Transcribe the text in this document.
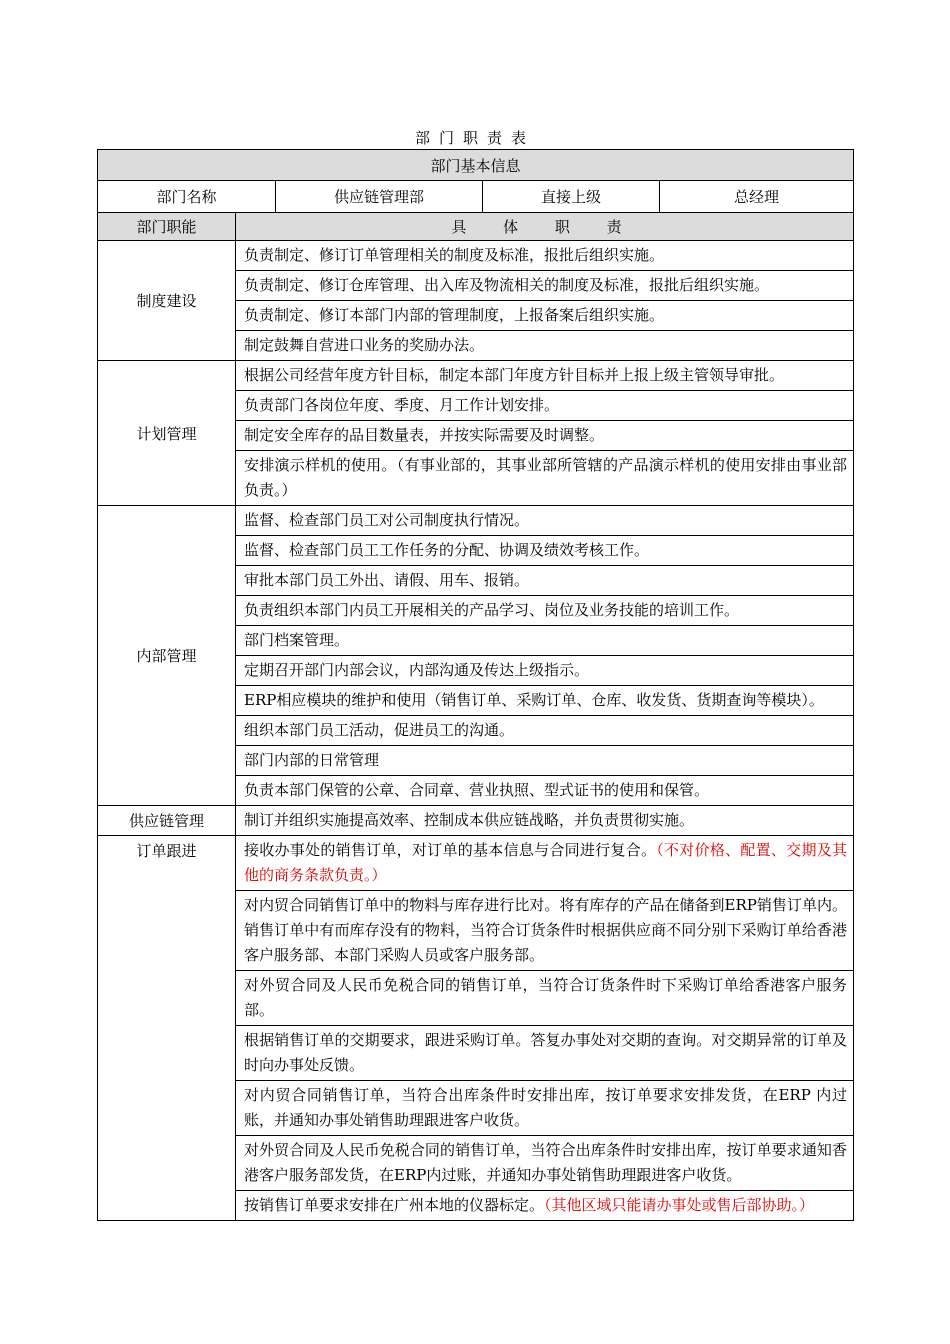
部门职责表
部门基本信息				
部门名称		供应链管理部	直接上级	总经理
部门职能	具 体 职 责			
制度建设	负责制定、修订订单管理相关的制度及标准，报批后组织实施。			
	负责制定、修订仓库管理、出入库及物流相关的制度及标准，报批后组织实施。			
	负责制定、修订本部门内部的管理制度，上报备案后组织实施。			
	制定鼓舞自营进口业务的奖励办法。			
计划管理	根据公司经营年度方针目标，制定本部门年度方针目标并上报上级主管领导审批。			
	负责部门各岗位年度、季度、月工作计划安排。			
	制定安全库存的品目数量表，并按实际需要及时调整。			
	安排演示样机的使用。（有事业部的，其事业部所管辖的产品演示样机的使用安排由事业部负责。）			
内部管理	监督、检查部门员工对公司制度执行情况。			
	监督、检查部门员工工作任务的分配、协调及绩效考核工作。			
	审批本部门员工外出、请假、用车、报销。			
	负责组织本部门内员工开展相关的产品学习、岗位及业务技能的培训工作。			
	部门档案管理。			
	定期召开部门内部会议，内部沟通及传达上级指示。			
	ERP相应模块的维护和使用（销售订单、采购订单、仓库、收发货、货期查询等模块）。			
	组织本部门员工活动，促进员工的沟通。			
	部门内部的日常管理			
	负责本部门保管的公章、合同章、营业执照、型式证书的使用和保管。			
供应链管理	制订并组织实施提高效率、控制成本供应链战略，并负责贯彻实施。			
订单跟进	接收办事处的销售订单，对订单的基本信息与合同进行复合。（不对价格、配置、交期及其他的商务条款负责。）			
	对内贸合同销售订单中的物料与库存进行比对。将有库存的产品在储备到ERP销售订单内。销售订单中有而库存没有的物料，当符合订货条件时根据供应商不同分别下采购订单给香港客户服务部、本部门采购人员或客户服务部。			
	对外贸合同及人民币免税合同的销售订单，当符合订货条件时下采购订单给香港客户服务部。			
	根据销售订单的交期要求，跟进采购订单。答复办事处对交期的查询。对交期异常的订单及时向办事处反馈。			
	对内贸合同销售订单，当符合出库条件时安排出库，按订单要求安排发货，在ERP 内过账，并通知办事处销售助理跟进客户收货。			
	对外贸合同及人民币免税合同的销售订单，当符合出库条件时安排出库，按订单要求通知香港客户服务部发货，在ERP内过账，并通知办事处销售助理跟进客户收货。			
	按销售订单要求安排在广州本地的仪器标定。（其他区域只能请办事处或售后部协助。）			
